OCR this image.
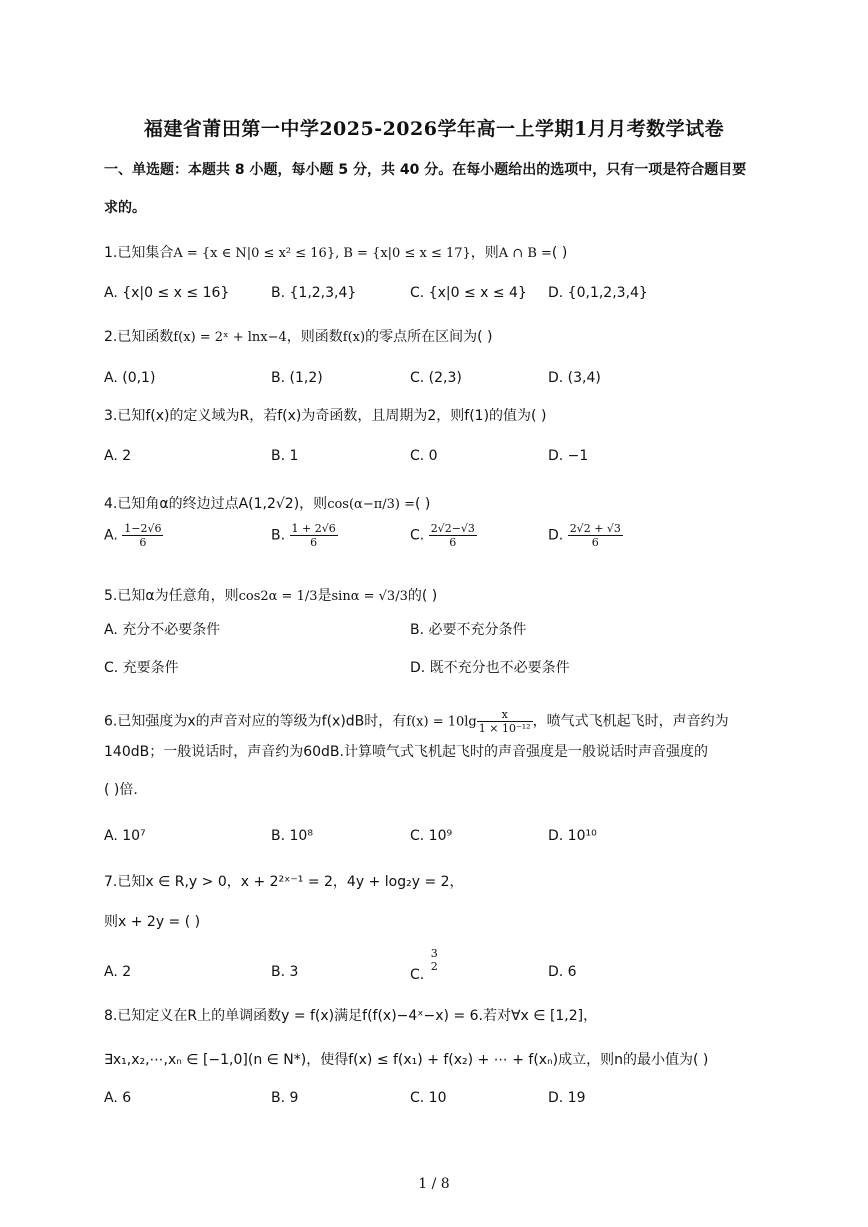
福建省莆田第一中学2025-2026学年高一上学期1月月考数学试卷
一、单选题：本题共 8 小题，每小题 5 分，共 40 分。在每小题给出的选项中，只有一项是符合题目要
求的。
1.已知集合A = {x ∈ N|0 ≤ x² ≤ 16}, B = {x|0 ≤ x ≤ 17}，则A ∩ B =( )
A. {x|0 ≤ x ≤ 16}	B. {1,2,3,4}	C. {x|0 ≤ x ≤ 4} D. {0,1,2,3,4}
2.已知函数f(x) = 2ˣ + lnx−4，则函数f(x)的零点所在区间为( )
A. (0,1)	B. (1,2)	C. (2,3)	D. (3,4)
3.已知f(x)的定义域为R，若f(x)为奇函数，且周期为2，则f(1)的值为( )
A. 2	B. 1	C. 0	D. −1
4.已知角α的终边过点A(1,2√2)，则cos(α−π/3) =( )
A. $\frac{1-2√6}{6}$	B. $\frac{1 + 2√6}{6}$	C. $\frac{2√2-√3}{6}$	D. $\frac{2√2 + √3}{6}$
5.已知α为任意角，则cos2α = 1/3是sinα = √3/3的( )
A. 充分不必要条件	B. 必要不充分条件
C. 充要条件	D. 既不充分也不必要条件
6.已知强度为x的声音对应的等级为f(x)dB时，有$f(x) = 10\lg \frac{x}{\text{1 × 10⁻¹²}}$ ，喷气式飞机起飞时，声音约为
140dB；一般说话时，声音约为60dB.计算喷气式飞机起飞时的声音强度是一般说话时声音强度的
( )倍.
A. 10⁷	B. 10⁸	C. 10⁹	D. 10¹⁰
7.已知x ∈ R,y > 0，x + 2²ˣ⁻¹ = 2，4y + log₂y = 2，
则x + 2y = ( )
A. 2	B. 3	C.
3
2	D. 6
8.已知定义在R上的单调函数y = f(x)满足f(f(x)−4ˣ−x) = 6.若对∀x ∈ [1,2]，
∃x₁,x₂,⋯,xₙ ∈ [−1,0](n ∈ N*)，使得f(x) ≤ f(x₁) + f(x₂) + ⋯ + f(xₙ)成立，则n的最小值为( )
A. 6	B. 9	C. 10	D. 19
1 / 8
